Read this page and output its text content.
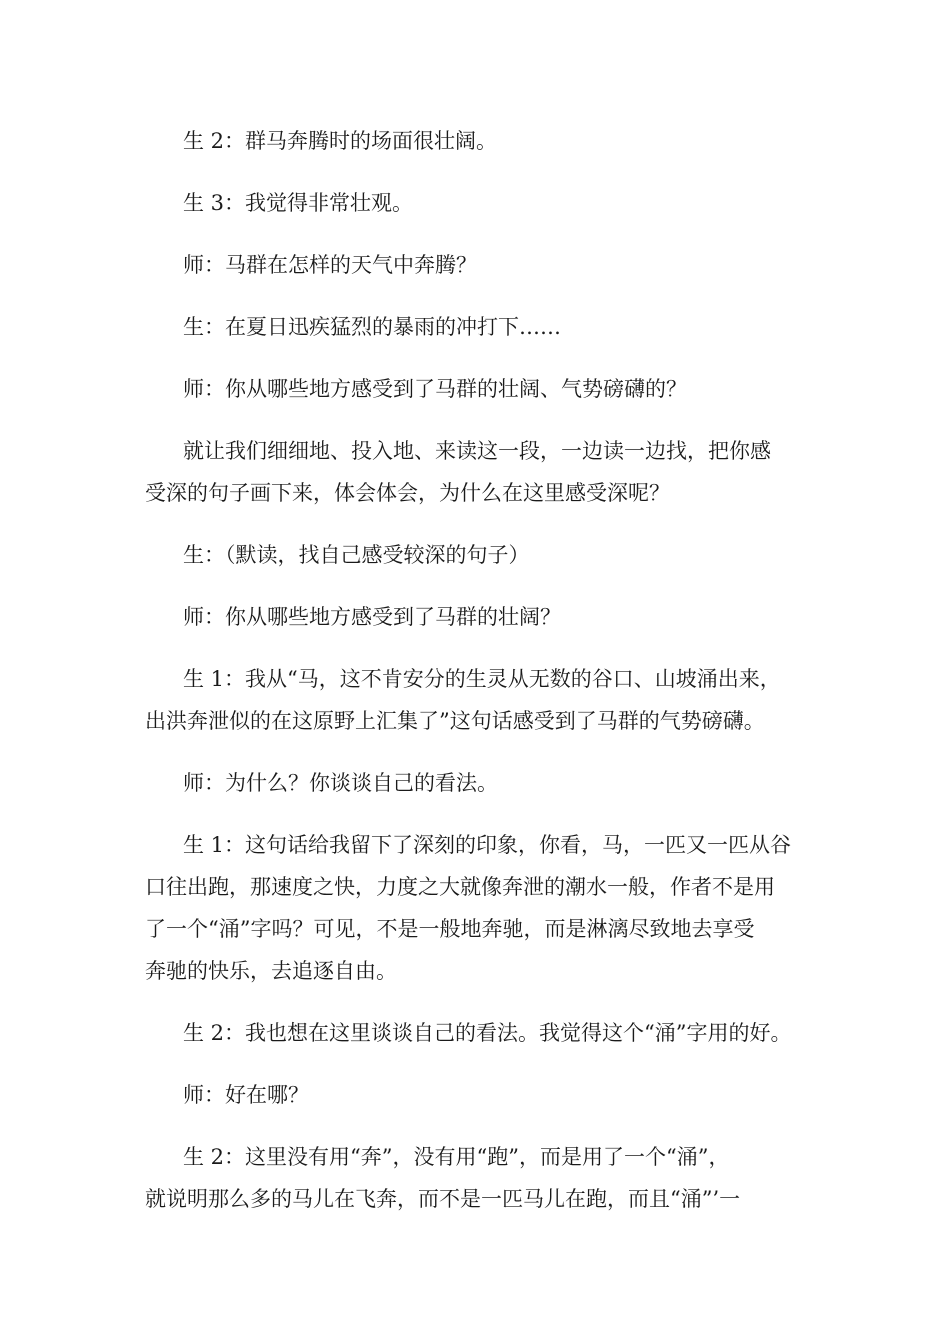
生 2：群马奔腾时的场面很壮阔。

生 3：我觉得非常壮观。

师：马群在怎样的天气中奔腾？

生：在夏日迅疾猛烈的暴雨的冲打下……

师：你从哪些地方感受到了马群的壮阔、气势磅礴的？

就让我们细细地、投入地、来读这一段，一边读一边找，把你感
受深的句子画下来，体会体会，为什么在这里感受深呢？

生：（默读，找自己感受较深的句子）

师：你从哪些地方感受到了马群的壮阔？

生 1：我从“马，这不肯安分的生灵从无数的谷口、山坡涌出来，
出洪奔泄似的在这原野上汇集了”这句话感受到了马群的气势磅礴。

师：为什么？你谈谈自己的看法。

生 1：这句话给我留下了深刻的印象，你看，马，一匹又一匹从谷
口往出跑，那速度之快，力度之大就像奔泄的潮水一般，作者不是用
了一个“涌”字吗？可见，不是一般地奔驰，而是淋漓尽致地去享受
奔驰的快乐，去追逐自由。

生 2：我也想在这里谈谈自己的看法。我觉得这个“涌”字用的好。

师：好在哪？

生 2：这里没有用“奔”，没有用“跑”，而是用了一个“涌”，
就说明那么多的马儿在飞奔，而不是一匹马儿在跑，而且“涌”’一
